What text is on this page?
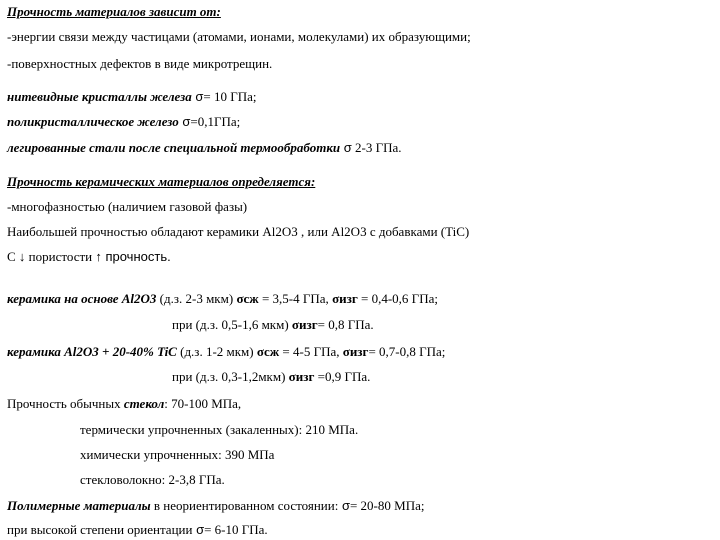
Прочность материалов зависит от:
-энергии связи между частицами (атомами, ионами, молекулами) их образующими;
-поверхностных дефектов в виде микротрещин.
нитевидные кристаллы железа σ= 10 ГПа;
поликристаллическое железо σ=0,1ГПа;
легированные стали после специальной термообработки σ 2-3 ГПа.
Прочность керамических материалов определяется:
-многофазностью (наличием газовой фазы)
Наибольшей прочностью обладают керамики Al2O3 , или Al2O3 с добавками (TiC)
С ↓ пористости ↑ прочность.
керамика на основе Al2O3 (д.з. 2-3 мкм) σсж = 3,5-4 ГПа, σизг = 0,4-0,6 ГПа;
при (д.з. 0,5-1,6 мкм) σизг= 0,8 ГПа.
керамика Al2O3 + 20-40% TiC (д.з. 1-2 мкм) σсж = 4-5 ГПа, σизг= 0,7-0,8 ГПа;
при (д.з. 0,3-1,2мкм) σизг =0,9 ГПа.
Прочность обычных стекол: 70-100 МПа,
термически упрочненных (закаленных): 210 МПа.
химически упрочненных: 390 МПа
стекловолокно: 2-3,8 ГПа.
Полимерные материалы в неориентированном состоянии: σ= 20-80 МПа;
при высокой степени ориентации σ= 6-10 ГПа.
